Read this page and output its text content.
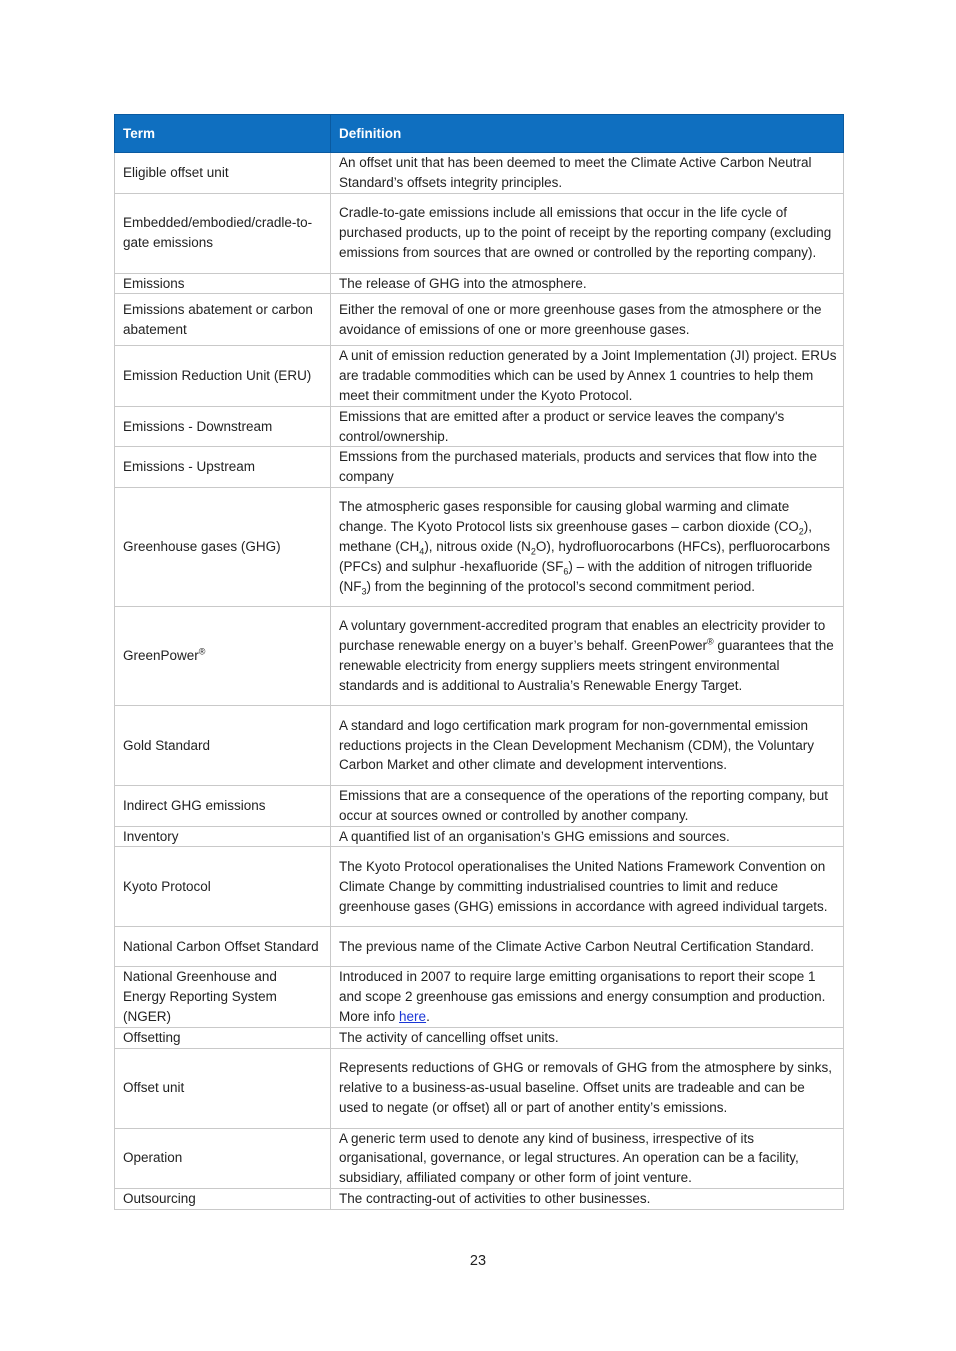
Term	Definition
Eligible offset unit	An offset unit that has been deemed to meet the Climate Active Carbon Neutral Standard’s offsets integrity principles.
Embedded/embodied/cradle-to-gate emissions	Cradle-to-gate emissions include all emissions that occur in the life cycle of purchased products, up to the point of receipt by the reporting company (excluding emissions from sources that are owned or controlled by the reporting company).
Emissions	The release of GHG into the atmosphere.
Emissions abatement or carbon abatement	Either the removal of one or more greenhouse gases from the atmosphere or the avoidance of emissions of one or more greenhouse gases.
Emission Reduction Unit (ERU)	A unit of emission reduction generated by a Joint Implementation (JI) project. ERUs are tradable commodities which can be used by Annex 1 countries to help them meet their commitment under the Kyoto Protocol.
Emissions - Downstream	Emissions that are emitted after a product or service leaves the company's control/ownership.
Emissions - Upstream	Emssions from the purchased materials, products and services that flow into the company
Greenhouse gases (GHG)	The atmospheric gases responsible for causing global warming and climate change. The Kyoto Protocol lists six greenhouse gases – carbon dioxide $(CO_2)$, methane $(CH_4)$, nitrous oxide $(N_2O)$, hydrofluorocarbons (HFCs), perfluorocarbons (PFCs) and sulphur -hexafluoride $(SF_6)$ – with the addition of nitrogen trifluoride $(NF_3)$ from the beginning of the protocol’s second commitment period.
GreenPower®	A voluntary government-accredited program that enables an electricity provider to purchase renewable energy on a buyer’s behalf. GreenPower® guarantees that the renewable electricity from energy suppliers meets stringent environmental standards and is additional to Australia’s Renewable Energy Target.
Gold Standard	A standard and logo certification mark program for non-governmental emission reductions projects in the Clean Development Mechanism (CDM), the Voluntary Carbon Market and other climate and development interventions.
Indirect GHG emissions	Emissions that are a consequence of the operations of the reporting company, but occur at sources owned or controlled by another company.
Inventory	A quantified list of an organisation’s GHG emissions and sources.
Kyoto Protocol	The Kyoto Protocol operationalises the United Nations Framework Convention on Climate Change by committing industrialised countries to limit and reduce greenhouse gases (GHG) emissions in accordance with agreed individual targets.
National Carbon Offset Standard	The previous name of the Climate Active Carbon Neutral Certification Standard.
National Greenhouse and Energy Reporting System (NGER)	Introduced in 2007 to require large emitting organisations to report their scope 1 and scope 2 greenhouse gas emissions and energy consumption and production. More info here.
Offsetting	The activity of cancelling offset units.
Offset unit	Represents reductions of GHG or removals of GHG from the atmosphere by sinks, relative to a business-as-usual baseline. Offset units are tradeable and can be used to negate (or offset) all or part of another entity’s emissions.
Operation	A generic term used to denote any kind of business, irrespective of its organisational, governance, or legal structures. An operation can be a facility, subsidiary, affiliated company or other form of joint venture.
Outsourcing	The contracting-out of activities to other businesses.
23
